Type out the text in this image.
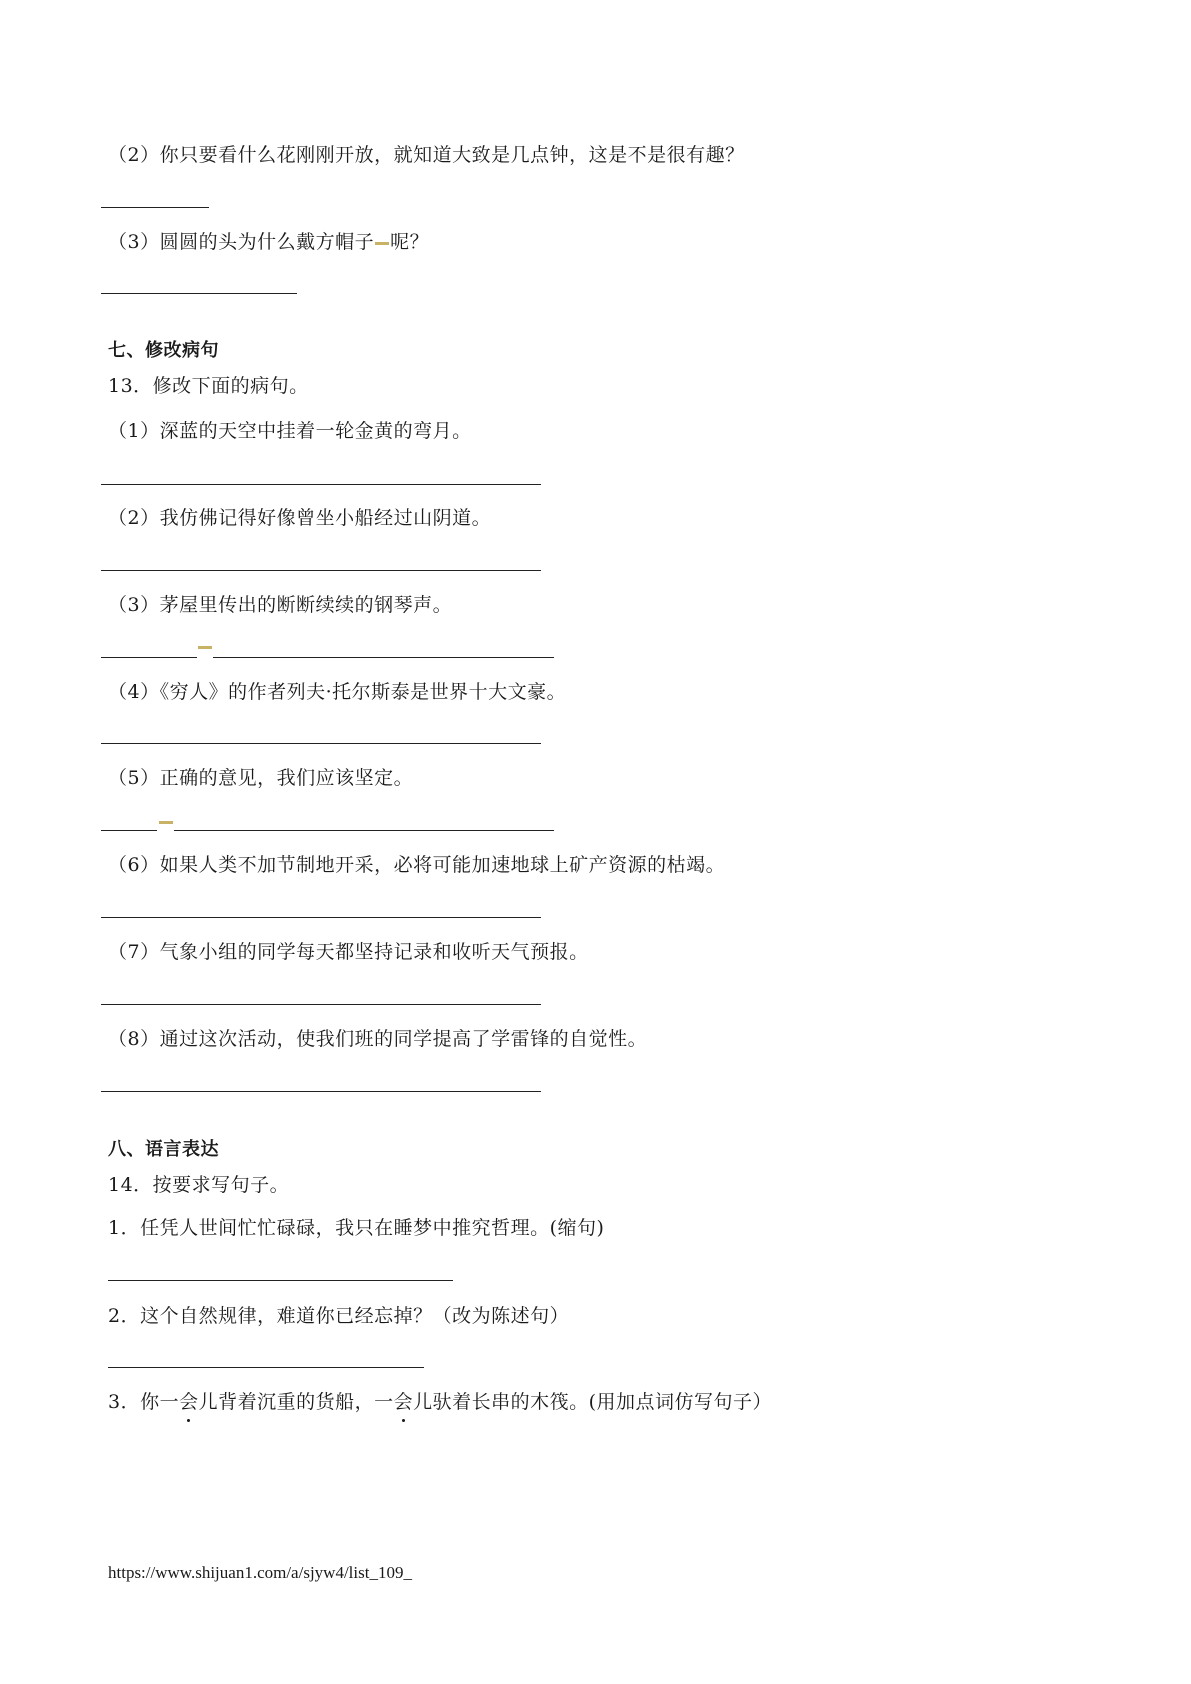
（2）你只要看什么花刚刚开放，就知道大致是几点钟，这是不是很有趣？
（3）圆圆的头为什么戴方帽子 呢？
七、修改病句
13．修改下面的病句。
（1）深蓝的天空中挂着一轮金黄的弯月。
（2）我仿佛记得好像曾坐小船经过山阴道。
（3）茅屋里传出的断断续续的钢琴声。
（4）《穷人》的作者列夫·托尔斯泰是世界十大文豪。
（5）正确的意见，我们应该坚定。
（6）如果人类不加节制地开采，必将可能加速地球上矿产资源的枯竭。
（7）气象小组的同学每天都坚持记录和收听天气预报。
（8）通过这次活动，使我们班的同学提高了学雷锋的自觉性。
八、语言表达
14．按要求写句子。
1．任凭人世间忙忙碌碌，我只在睡梦中推究哲理。(缩句)
2．这个自然规律，难道你已经忘掉？（改为陈述句）
3．你一会儿背着沉重的货船，一会儿驮着长串的木筏。(用加点词仿写句子）
https://www.shijuan1.com/a/sjyw4/list_109_
